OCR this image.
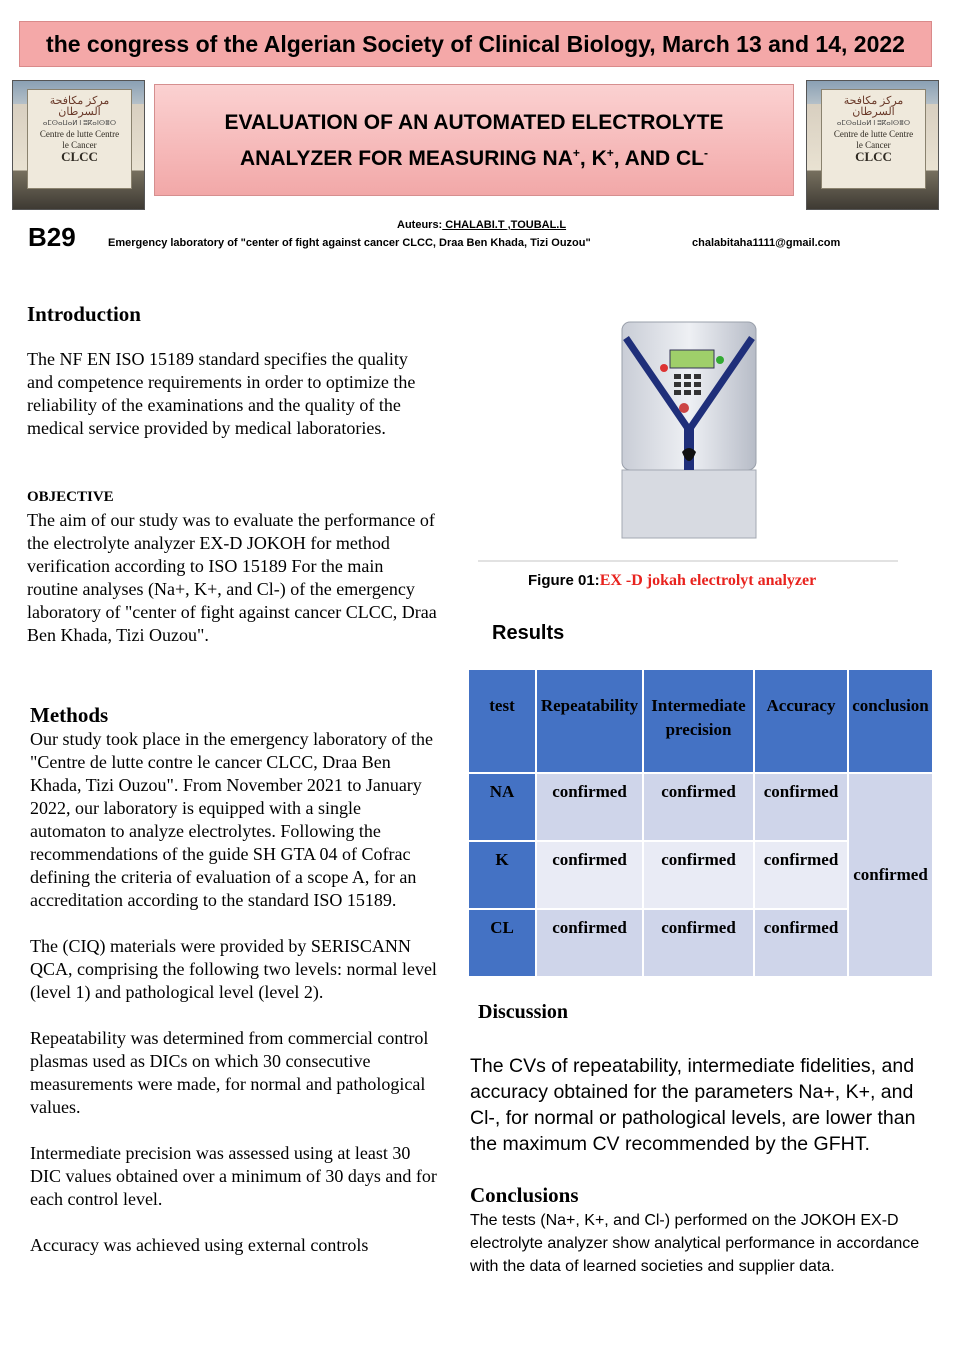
the congress of the Algerian Society of Clinical Biology, March 13 and 14, 2022
مركز مكافحة السرطان
ⴰⵎⵙⴰⵡⴰⵍ ⵏ ⵓⴽⴰⵏⵙⴻⵔ
Centre de lutte Centre
le Cancer
CLCC
EVALUATION OF AN AUTOMATED ELECTROLYTE
ANALYZER FOR MEASURING NA+, K+, AND CL-
مركز مكافحة السرطان
ⴰⵎⵙⴰⵡⴰⵍ ⵏ ⵓⴽⴰⵏⵙⴻⵔ
Centre de lutte Centre
le Cancer
CLCC
B29	Auteurs: CHALABI.T ,TOUBAL.L
Emergency laboratory of "center of fight against cancer CLCC, Draa Ben Khada, Tizi Ouzou"	chalabitaha1111@gmail.com
Introduction
The NF EN ISO 15189 standard specifies the quality and competence requirements in order to optimize the reliability of the examinations and the quality of the medical service provided by medical laboratories.
OBJECTIVE
The aim of our study was to evaluate the performance of the electrolyte analyzer EX-D JOKOH for method verification according to ISO 15189 For the main routine analyses (Na+, K+, and Cl-) of the emergency laboratory of "center of fight against cancer CLCC, Draa Ben Khada, Tizi Ouzou".
Methods

Our study took place in the emergency laboratory of the "Centre de lutte contre le cancer CLCC, Draa Ben Khada, Tizi Ouzou". From November 2021 to January 2022, our laboratory is equipped with a single automaton to analyze electrolytes. Following the recommendations of the guide SH GTA 04 of Cofrac defining the criteria of evaluation of a scope A, for an accreditation according to the standard ISO 15189.

The (CIQ) materials were provided by SERISCANN QCA, comprising the following two levels: normal level (level 1) and pathological level (level 2).

Repeatability was determined from commercial control plasmas used as DICs on which 30 consecutive measurements were made, for normal and pathological values.

Intermediate precision was assessed using at least 30 DIC values obtained over a minimum of 30 days and for each control level.

Accuracy was achieved using external controls

Figure 01:EX -D jokah electrolyt analyzer
Results
test	Repeatability	Intermediate precision	Accuracy	conclusion
NA	confirmed	confirmed	confirmed	confirmed
K	confirmed	confirmed	confirmed	
CL	confirmed	confirmed	confirmed	
Discussion
The CVs of repeatability, intermediate fidelities, and accuracy obtained for the parameters Na+, K+, and Cl-, for normal or pathological levels, are lower than the maximum CV recommended by the GFHT.
Conclusions
The tests (Na+, K+, and Cl-) performed on the JOKOH EX-D electrolyte analyzer show analytical performance in accordance with the data of learned societies and supplier data.
